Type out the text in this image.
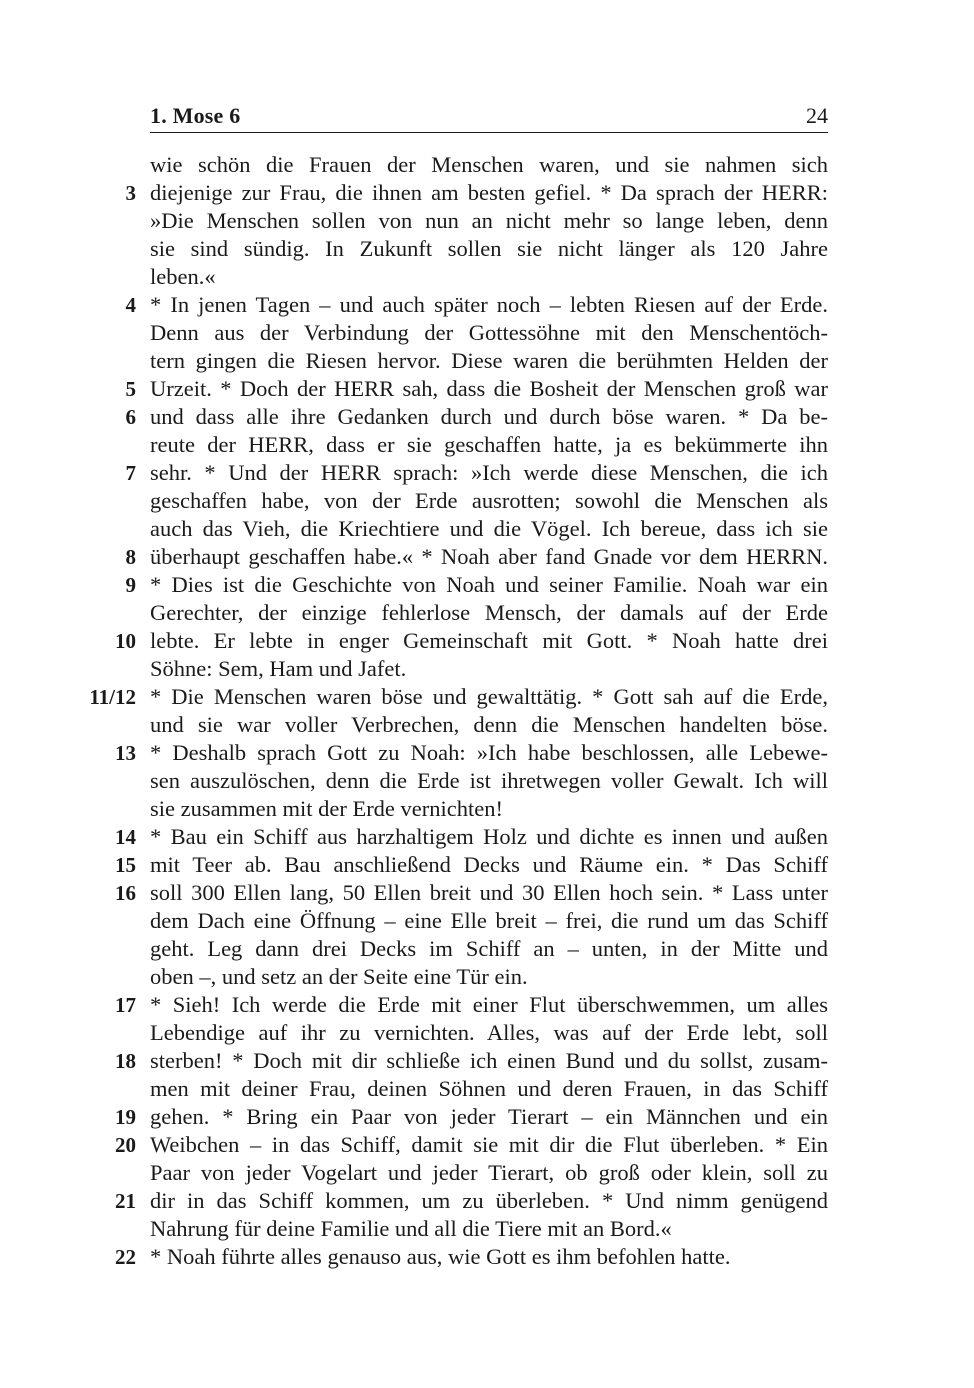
1. Mose 6	24
wie schön die Frauen der Menschen waren, und sie nahmen sich
3 diejenige zur Frau, die ihnen am besten gefiel. * Da sprach der HERR:
»Die Menschen sollen von nun an nicht mehr so lange leben, denn
sie sind sündig. In Zukunft sollen sie nicht länger als 120 Jahre
leben.«
4 * In jenen Tagen – und auch später noch – lebten Riesen auf der Erde.
Denn aus der Verbindung der Gottessöhne mit den Menschentöch-
tern gingen die Riesen hervor. Diese waren die berühmten Helden der
5 Urzeit. * Doch der HERR sah, dass die Bosheit der Menschen groß war
6 und dass alle ihre Gedanken durch und durch böse waren. * Da be-
reute der HERR, dass er sie geschaffen hatte, ja es bekümmerte ihn
7 sehr. * Und der HERR sprach: »Ich werde diese Menschen, die ich
geschaffen habe, von der Erde ausrotten; sowohl die Menschen als
auch das Vieh, die Kriechtiere und die Vögel. Ich bereue, dass ich sie
8 überhaupt geschaffen habe.« * Noah aber fand Gnade vor dem HERRN.
9 * Dies ist die Geschichte von Noah und seiner Familie. Noah war ein
Gerechter, der einzige fehlerlose Mensch, der damals auf der Erde
10 lebte. Er lebte in enger Gemeinschaft mit Gott. * Noah hatte drei
Söhne: Sem, Ham und Jafet.
11/12 * Die Menschen waren böse und gewalttätig. * Gott sah auf die Erde,
und sie war voller Verbrechen, denn die Menschen handelten böse.
13 * Deshalb sprach Gott zu Noah: »Ich habe beschlossen, alle Lebewe-
sen auszulöschen, denn die Erde ist ihretwegen voller Gewalt. Ich will
sie zusammen mit der Erde vernichten!
14 * Bau ein Schiff aus harzhaltigem Holz und dichte es innen und außen
15 mit Teer ab. Bau anschließend Decks und Räume ein. * Das Schiff
16 soll 300 Ellen lang, 50 Ellen breit und 30 Ellen hoch sein. * Lass unter
dem Dach eine Öffnung – eine Elle breit – frei, die rund um das Schiff
geht. Leg dann drei Decks im Schiff an – unten, in der Mitte und
oben –, und setz an der Seite eine Tür ein.
17 * Sieh! Ich werde die Erde mit einer Flut überschwemmen, um alles
Lebendige auf ihr zu vernichten. Alles, was auf der Erde lebt, soll
18 sterben! * Doch mit dir schließe ich einen Bund und du sollst, zusam-
men mit deiner Frau, deinen Söhnen und deren Frauen, in das Schiff
19 gehen. * Bring ein Paar von jeder Tierart – ein Männchen und ein
20 Weibchen – in das Schiff, damit sie mit dir die Flut überleben. * Ein
Paar von jeder Vogelart und jeder Tierart, ob groß oder klein, soll zu
21 dir in das Schiff kommen, um zu überleben. * Und nimm genügend
Nahrung für deine Familie und all die Tiere mit an Bord.«
22 * Noah führte alles genauso aus, wie Gott es ihm befohlen hatte.
